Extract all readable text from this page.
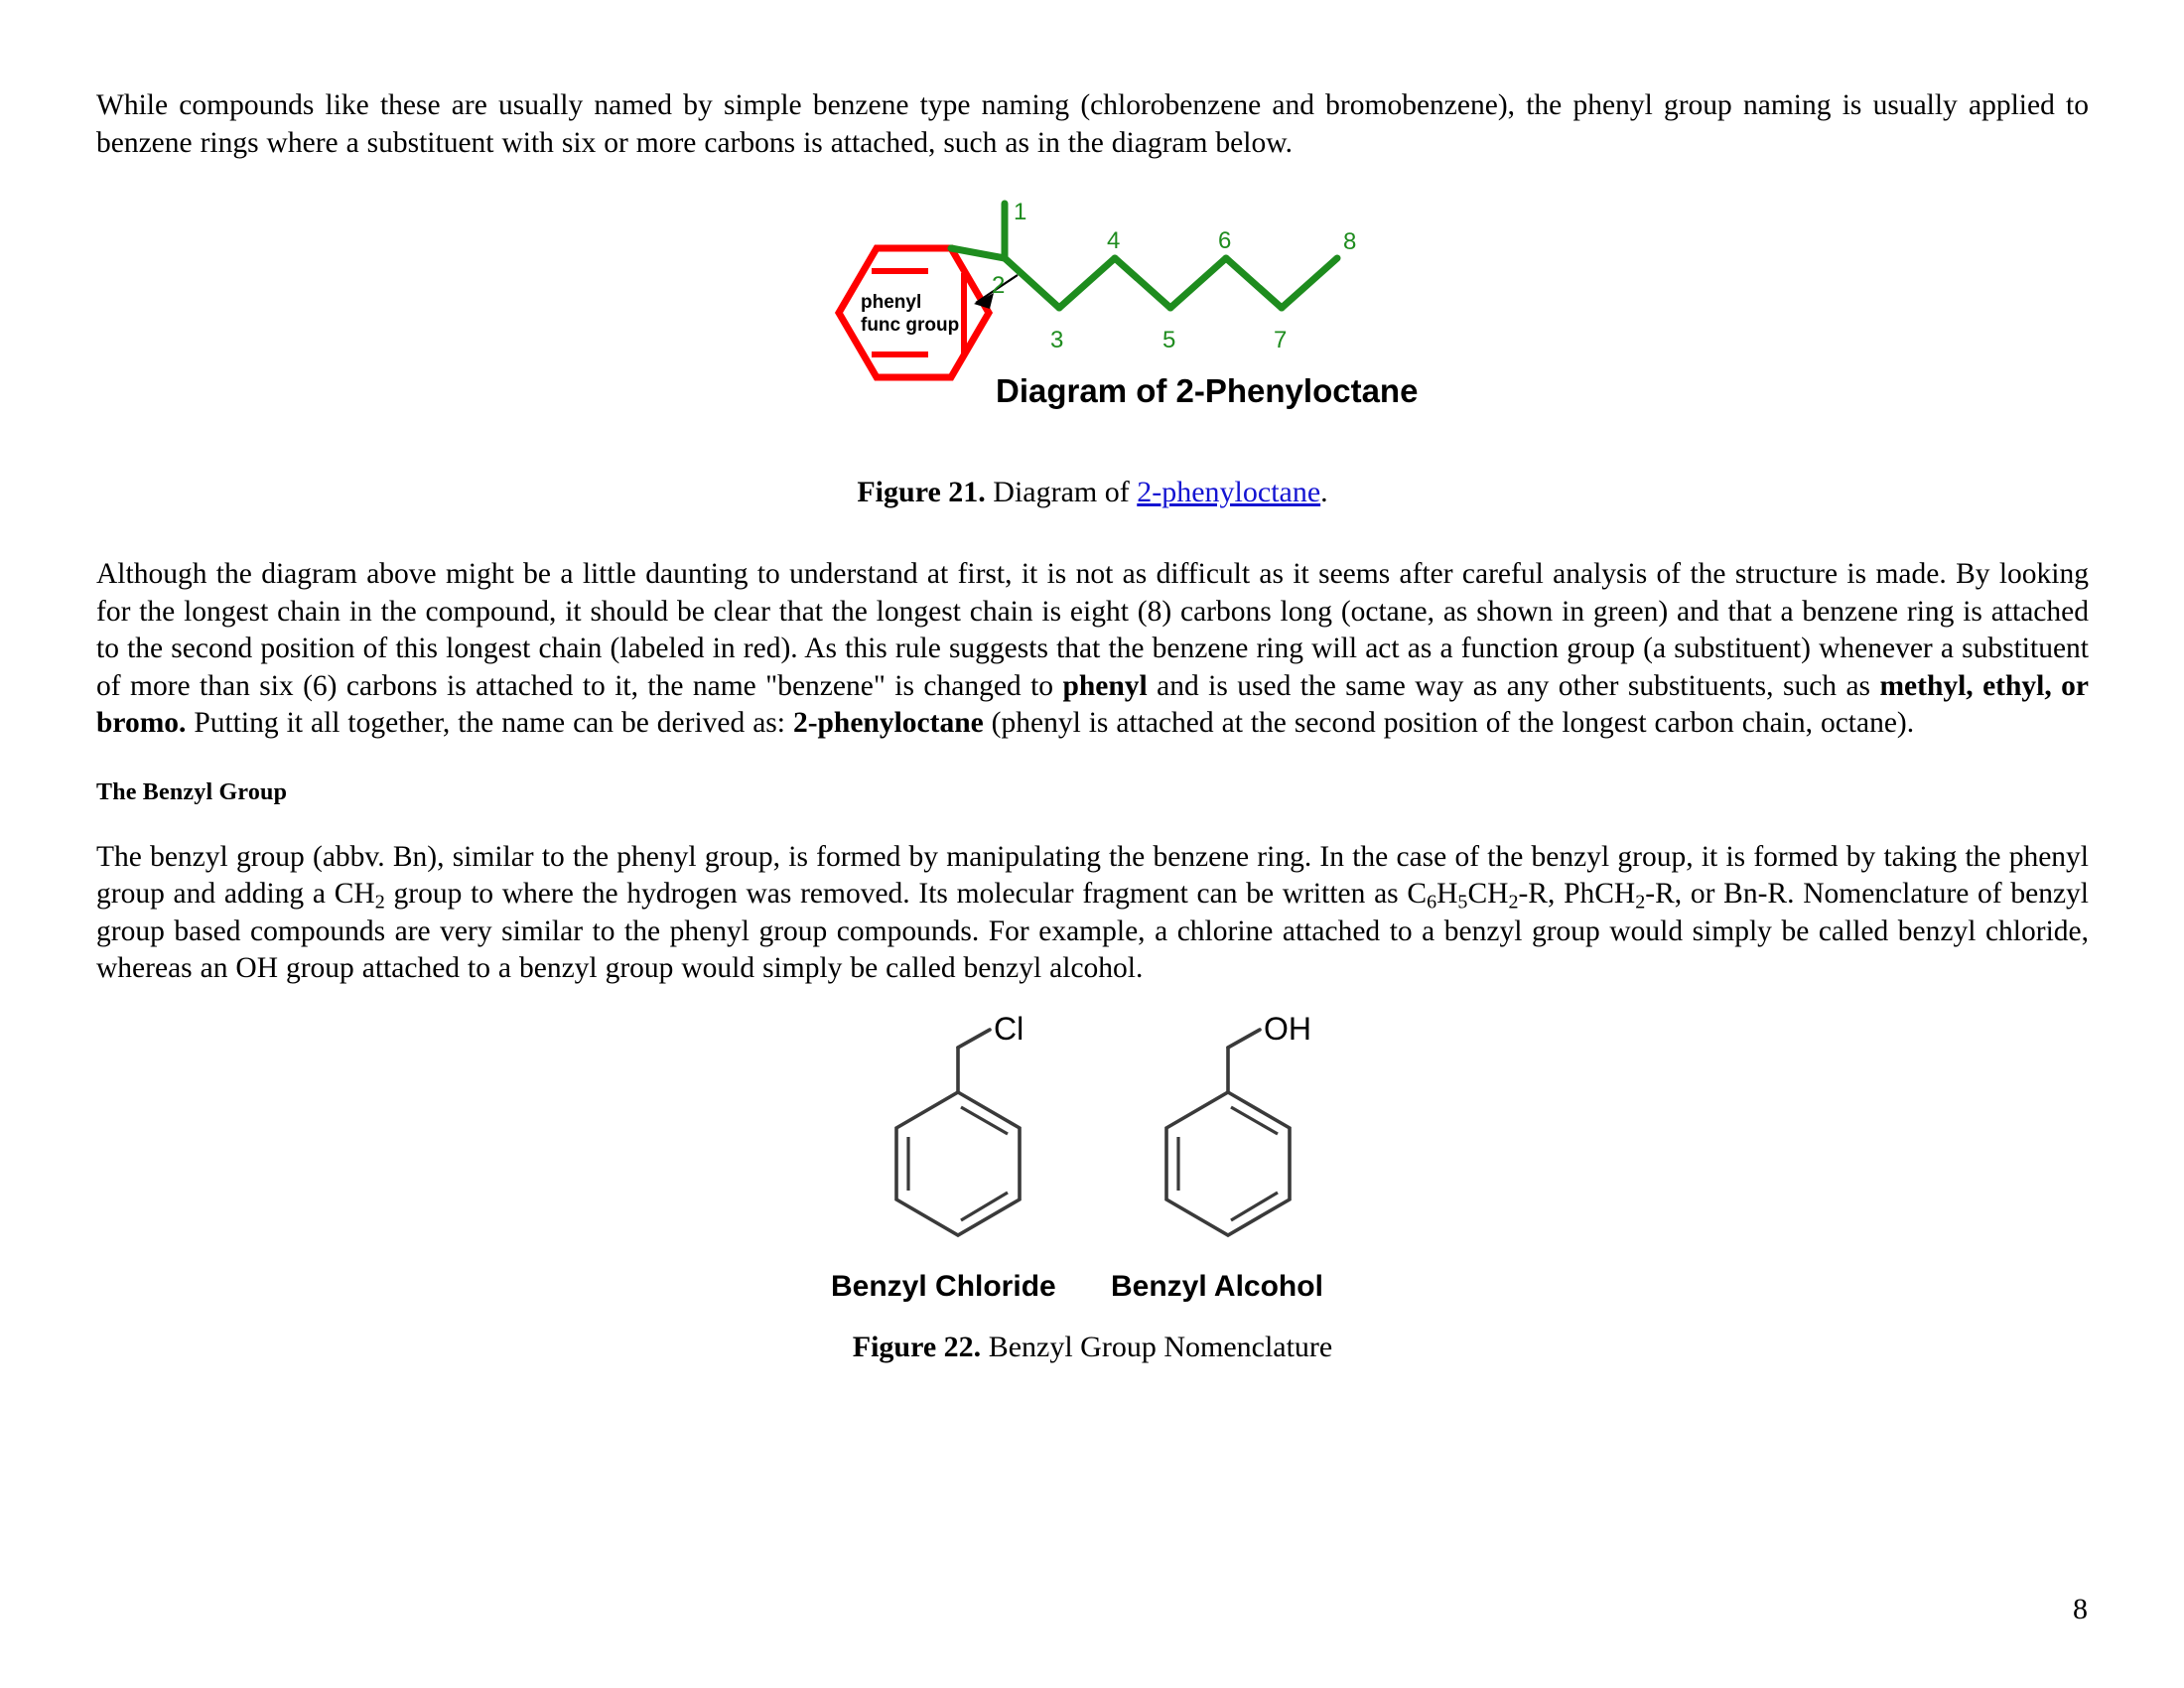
While compounds like these are usually named by simple benzene type naming (chlorobenzene and bromobenzene), the phenyl group naming is usually applied to benzene rings where a substituent with six or more carbons is attached, such as in the diagram below.

phenyl
func group
1
2
3
4
5
6
7
8
Diagram of 2-Phenyloctane

Figure 21. Diagram of 2-phenyloctane.

Although the diagram above might be a little daunting to understand at first, it is not as difficult as it seems after careful analysis of the structure is made. By looking for the longest chain in the compound, it should be clear that the longest chain is eight (8) carbons long (octane, as shown in green) and that a benzene ring is attached to the second position of this longest chain (labeled in red). As this rule suggests that the benzene ring will act as a function group (a substituent) whenever a substituent of more than six (6) carbons is attached to it, the name "benzene" is changed to phenyl and is used the same way as any other substituents, such as methyl, ethyl, or bromo. Putting it all together, the name can be derived as: 2-phenyloctane (phenyl is attached at the second position of the longest carbon chain, octane).

The Benzyl Group

The benzyl group (abbv. Bn), similar to the phenyl group, is formed by manipulating the benzene ring. In the case of the benzyl group, it is formed by taking the phenyl group and adding a $CH_2$ group to where the hydrogen was removed. Its molecular fragment can be written as $C_6H_5CH_2-R$, PhCH$_2$-R, or Bn-R. Nomenclature of benzyl group based compounds are very similar to the phenyl group compounds. For example, a chlorine attached to a benzyl group would simply be called benzyl chloride, whereas an OH group attached to a benzyl group would simply be called benzyl alcohol.

Cl
Benzyl Chloride
OH
Benzyl Alcohol

Figure 22. Benzyl Group Nomenclature

8
